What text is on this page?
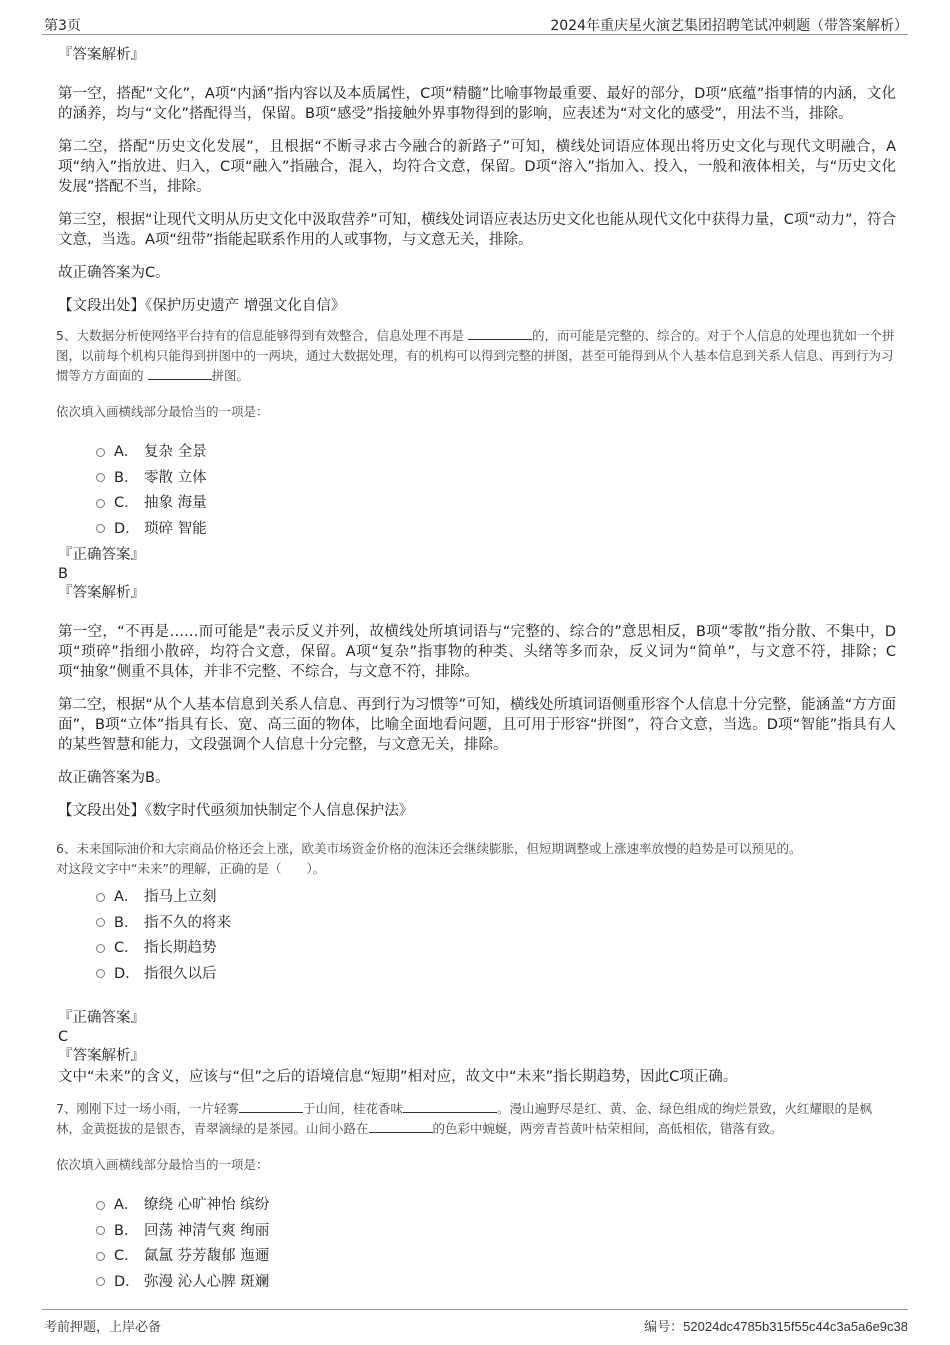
第3页	2024年重庆星火演艺集团招聘笔试冲刺题（带答案解析）
『答案解析』

第一空，搭配“文化”，A项“内涵”指内容以及本质属性，C项“精髓”比喻事物最重要、最好的部分，D项“底蕴”指事情的内涵，文化的涵养，均与“文化”搭配得当，保留。B项“感受”指接触外界事物得到的影响，应表述为“对文化的感受”，用法不当，排除。

第二空，搭配“历史文化发展”，且根据“不断寻求古今融合的新路子”可知，横线处词语应体现出将历史文化与现代文明融合，A项“纳入”指放进、归入，C项“融入”指融合，混入，均符合文意，保留。D项“溶入”指加入、投入，一般和液体相关，与“历史文化发展”搭配不当，排除。

第三空，根据“让现代文明从历史文化中汲取营养”可知，横线处词语应表达历史文化也能从现代文化中获得力量，C项“动力”，符合文意，当选。A项“纽带”指能起联系作用的人或事物，与文意无关，排除。

故正确答案为C。

【文段出处】《保护历史遗产 增强文化自信》
5、大数据分析使网络平台持有的信息能够得到有效整合，信息处理不再是	的，而可能是完整的、综合的。对于个人信息的处理也犹如一个拼图，以前每个机构只能得到拼图中的一两块，通过大数据处理，有的机构可以得到完整的拼图，甚至可能得到从个人基本信息到关系人信息、再到行为习惯等方方面面的	拼图。
依次填入画横线部分最恰当的一项是：
A． 复杂 全景
B． 零散 立体
C． 抽象 海量
D． 琐碎 智能
『正确答案』
B
『答案解析』

第一空，“不再是……而可能是”表示反义并列，故横线处所填词语与“完整的、综合的”意思相反，B项“零散”指分散、不集中，D项“琐碎”指细小散碎，均符合文意，保留。A项“复杂”指事物的种类、头绪等多而杂，反义词为“简单”，与文意不符，排除；C项“抽象”侧重不具体，并非不完整、不综合，与文意不符，排除。

第二空，根据“从个人基本信息到关系人信息、再到行为习惯等”可知，横线处所填词语侧重形容个人信息十分完整，能涵盖“方方面面”，B项“立体”指具有长、宽、高三面的物体，比喻全面地看问题，且可用于形容“拼图”，符合文意，当选。D项“智能”指具有人的某些智慧和能力，文段强调个人信息十分完整，与文意无关，排除。

故正确答案为B。

【文段出处】《数字时代亟须加快制定个人信息保护法》
6、未来国际油价和大宗商品价格还会上涨，欧美市场资金价格的泡沫还会继续膨胀，但短期调整或上涨速率放慢的趋势是可以预见的。
对这段文字中“未来”的理解，正确的是（　　）。
A． 指马上立刻
B． 指不久的将来
C． 指长期趋势
D． 指很久以后
『正确答案』
C
『答案解析』

文中“未来”的含义，应该与“但”之后的语境信息“短期”相对应，故文中“未来”指长期趋势，因此C项正确。

7、刚刚下过一场小雨，一片轻雾	于山间，桂花香味	。漫山遍野尽是红、黄、金、绿色组成的绚烂景致，火红耀眼的是枫林，金黄挺拔的是银杏，青翠滴绿的是茶园。山间小路在	的色彩中蜿蜒，两旁青苔黄叶枯荣相间，高低相依，错落有致。
依次填入画横线部分最恰当的一项是：
A． 缭绕 心旷神怡 缤纷
B． 回荡 神清气爽 绚丽
C． 氤氲 芬芳馥郁 迤逦
D． 弥漫 沁人心脾 斑斓
考前押题，上岸必备	编号：52024dc4785b315f55c44c3a5a6e9c38
